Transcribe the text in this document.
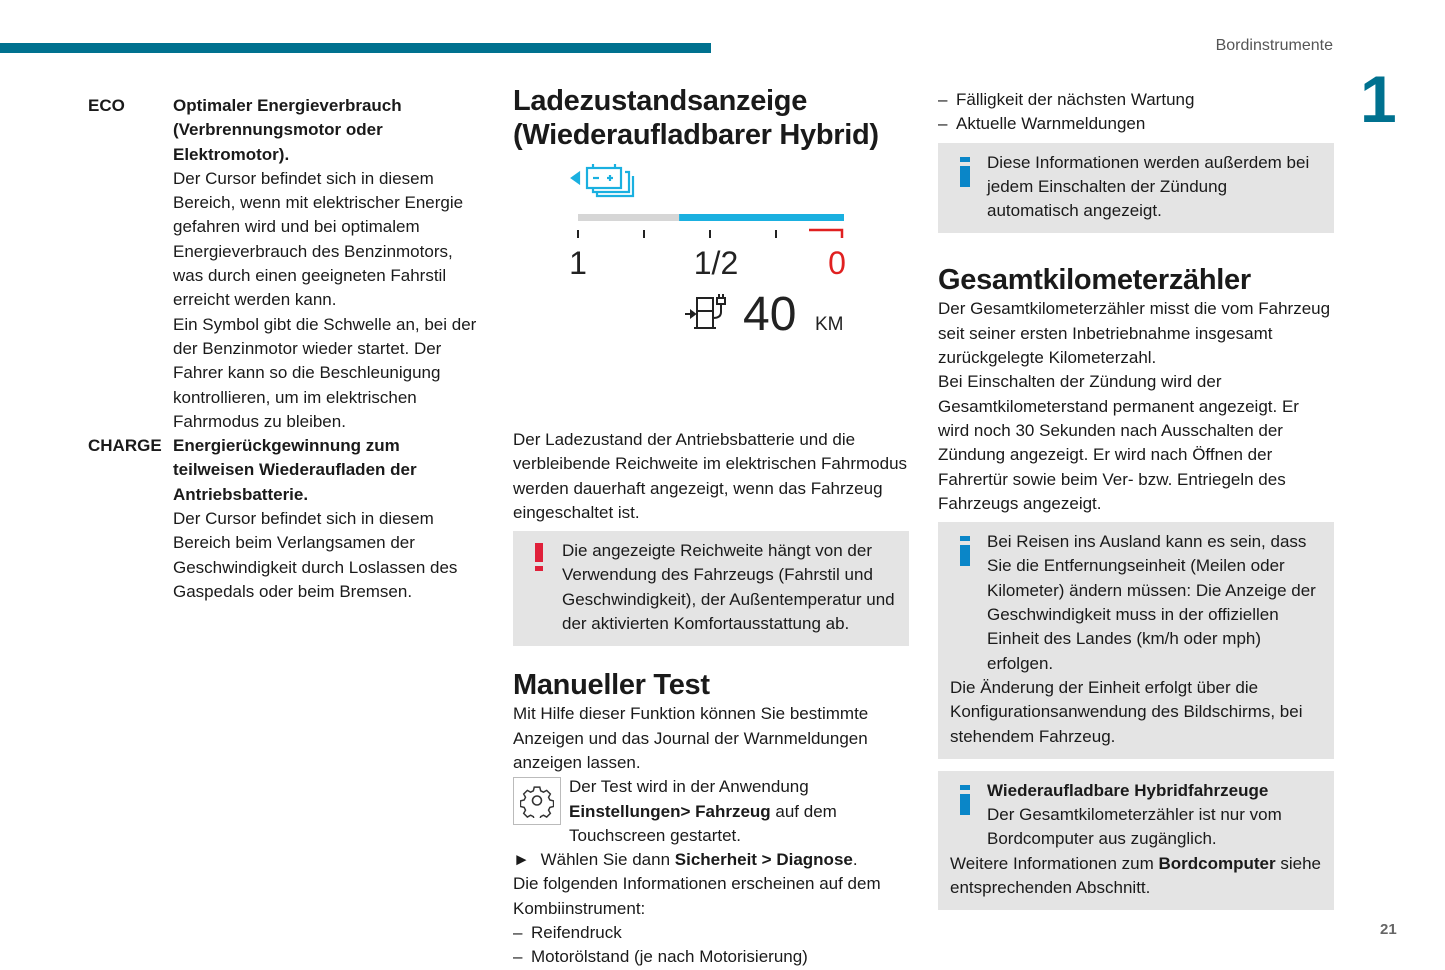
Bordinstrumente
1
ECO	Optimaler Energieverbrauch (Verbrennungsmotor oder Elektromotor).

Der Cursor befindet sich in diesem Bereich, wenn mit elektrischer Energie gefahren wird und bei optimalem Energieverbrauch des Benzinmotors, was durch einen geeigneten Fahrstil erreicht werden kann.

Ein Symbol gibt die Schwelle an, bei der der Benzinmotor wieder startet. Der Fahrer kann so die Beschleunigung kontrollieren, um im elektrischen Fahrmodus zu bleiben.

CHARGE Energierückgewinnung zum teilweisen Wiederaufladen der Antriebsbatterie.

Der Cursor befindet sich in diesem Bereich beim Verlangsamen der Geschwindigkeit durch Loslassen des Gaspedals oder beim Bremsen.

Ladezustandsanzeige (Wiederaufladbarer Hybrid)
1	1/2	0
40 KM

Der Ladezustand der Antriebsbatterie und die verbleibende Reichweite im elektrischen Fahrmodus werden dauerhaft angezeigt, wenn das Fahrzeug eingeschaltet ist.

Die angezeigte Reichweite hängt von der Verwendung des Fahrzeugs (Fahrstil und Geschwindigkeit), der Außentemperatur und der aktivierten Komfortausstattung ab.

Manueller Test

Mit Hilfe dieser Funktion können Sie bestimmte Anzeigen und das Journal der Warnmeldungen anzeigen lassen.

Der Test wird in der Anwendung Einstellungen> Fahrzeug auf dem Touchscreen gestartet.

► Wählen Sie dann Sicherheit > Diagnose.

Die folgenden Informationen erscheinen auf dem Kombiinstrument:

– Reifendruck
– Motorölstand (je nach Motorisierung)
– Fälligkeit der nächsten Wartung
– Aktuelle Warnmeldungen

Diese Informationen werden außerdem bei jedem Einschalten der Zündung automatisch angezeigt.

Gesamtkilometerzähler

Der Gesamtkilometerzähler misst die vom Fahrzeug seit seiner ersten Inbetriebnahme insgesamt zurückgelegte Kilometerzahl.

Bei Einschalten der Zündung wird der Gesamtkilometerstand permanent angezeigt. Er wird noch 30 Sekunden nach Ausschalten der Zündung angezeigt. Er wird nach Öffnen der Fahrertür sowie beim Ver- bzw. Entriegeln des Fahrzeugs angezeigt.

Bei Reisen ins Ausland kann es sein, dass Sie die Entfernungseinheit (Meilen oder Kilometer) ändern müssen: Die Anzeige der Geschwindigkeit muss in der offiziellen Einheit des Landes (km/h oder mph) erfolgen.

Die Änderung der Einheit erfolgt über die Konfigurationsanwendung des Bildschirms, bei stehendem Fahrzeug.

Wiederaufladbare Hybridfahrzeuge

Der Gesamtkilometerzähler ist nur vom Bordcomputer aus zugänglich.

Weitere Informationen zum Bordcomputer siehe entsprechenden Abschnitt.

21
